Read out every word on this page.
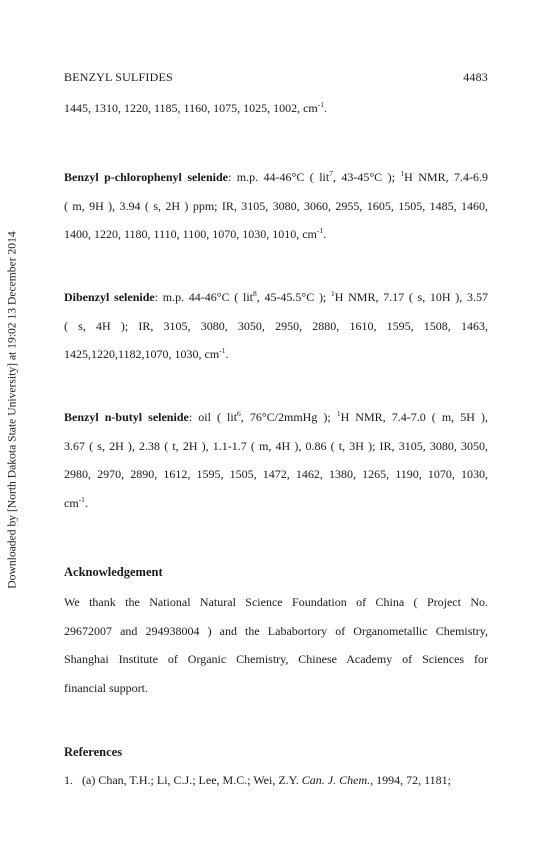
Downloaded by [North Dakota State University] at 19:02 13 December 2014
BENZYL SULFIDES	4483
1445, 1310, 1220, 1185, 1160, 1075, 1025, 1002, $cm^{-1}$.
Benzyl p-chlorophenyl selenide: m.p. 44-46°C ( lit$^7$, 43-45°C ); $^1$H NMR, 7.4-6.9
( m, 9H ), 3.94 ( s, 2H ) ppm; IR, 3105, 3080, 3060, 2955, 1605, 1505, 1485, 1460,
1400, 1220, 1180, 1110, 1100, 1070, 1030, 1010, $cm^{-1}$.
Dibenzyl selenide: m.p. 44-46°C ( lit$^8$, 45-45.5°C ); $^1$H NMR, 7.17 ( s, 10H ), 3.57
( s, 4H ); IR, 3105, 3080, 3050, 2950, 2880, 1610, 1595, 1508, 1463,
1425,1220,1182,1070, 1030, $cm^{-1}$.
Benzyl n-butyl selenide: oil ( lit$^6$, 76°C/2mmHg ); $^1$H NMR, 7.4-7.0 ( m, 5H ),
3.67 ( s, 2H ), 2.38 ( t, 2H ), 1.1-1.7 ( m, 4H ), 0.86 ( t, 3H ); IR, 3105, 3080, 3050,
2980, 2970, 2890, 1612, 1595, 1505, 1472, 1462, 1380, 1265, 1190, 1070, 1030,
$cm^{-1}$.
Acknowledgement
We thank the National Natural Science Foundation of China ( Project No.
29672007 and 294938004 ) and the Lababortory of Organometallic Chemistry,
Shanghai Institute of Organic Chemistry, Chinese Academy of Sciences for
financial support.
References
1. (a) Chan, T.H.; Li, C.J.; Lee, M.C.; Wei, Z.Y. Can. J. Chem., 1994, 72, 1181;
